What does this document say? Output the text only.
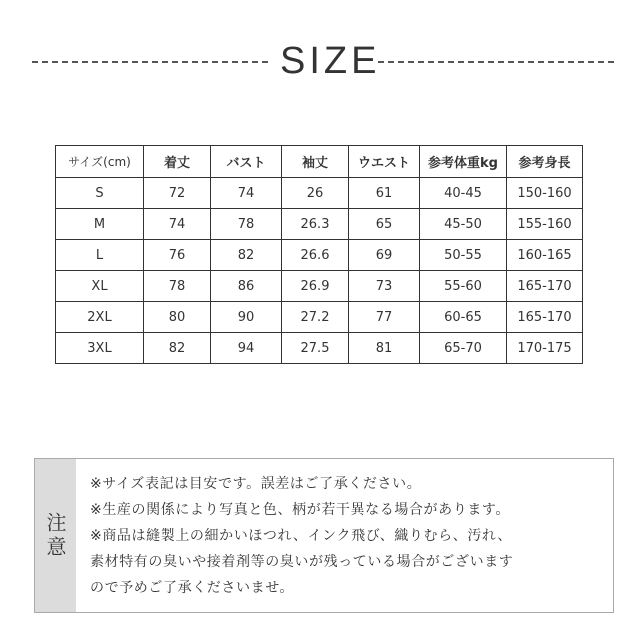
SIZE
サイズ(cm)	着丈	バスト	袖丈	ウエスト	参考体重kg	参考身長
S	72	74	26	61	40-45	150-160
M	74	78	26.3	65	45-50	155-160
L	76	82	26.6	69	50-55	160-165
XL	78	86	26.9	73	55-60	165-170
2XL	80	90	27.2	77	60-65	165-170
3XL	82	94	27.5	81	65-70	170-175
注意
※サイズ表記は目安です。誤差はご了承ください。
※生産の関係により写真と色、柄が若干異なる場合があります。
※商品は縫製上の細かいほつれ、インク飛び、織りむら、汚れ、
素材特有の臭いや接着剤等の臭いが残っている場合がございます
ので予めご了承くださいませ。
